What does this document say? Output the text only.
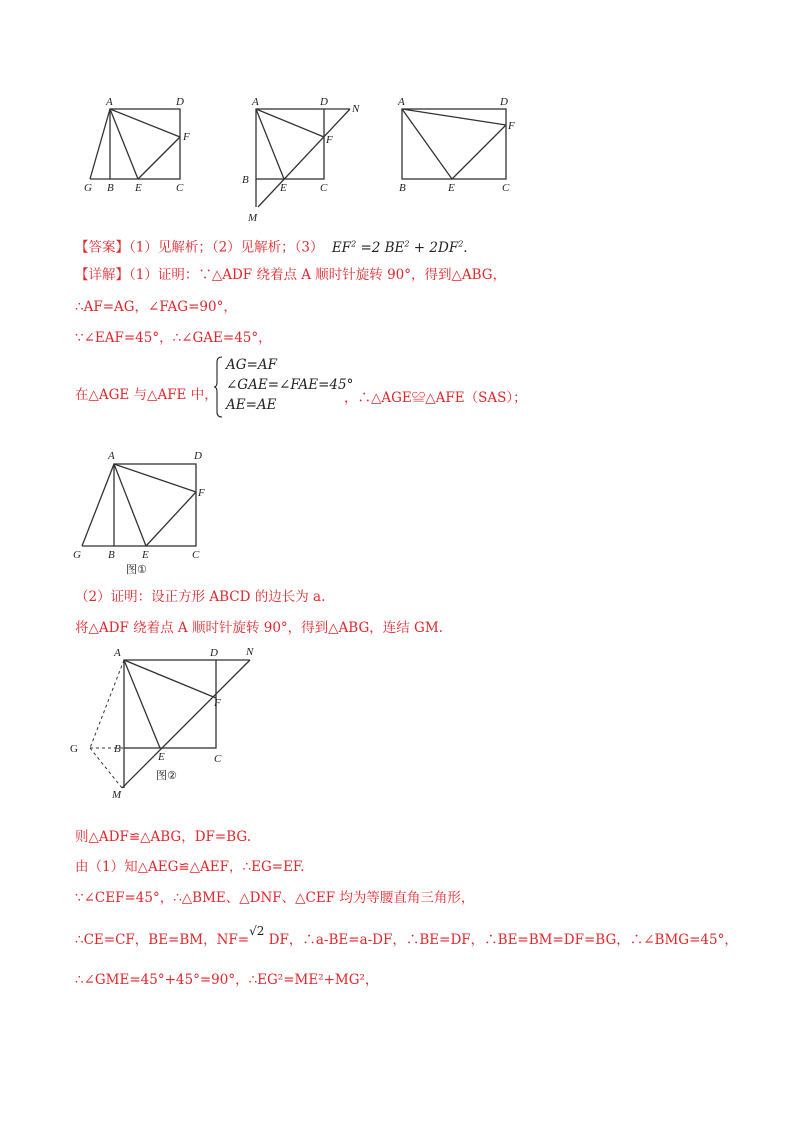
A	D
F
G B E	C
A	D
N
F
B
E	C
M
A	D
F
B	E	C
【答案】（1）见解析；（2）见解析；（3） $EF^2 =2$ $BE^2 + 2DF^2$.
【详解】（1）证明：∵△ADF 绕着点 A 顺时针旋转 90°，得到△ABG，
∴AF=AG，∠FAG=90°，
∵∠EAF=45°，∴∠GAE=45°，
在△AGE 与△AFE 中，
AG=AF
∠GAE=∠FAE=45°
AE=AE	，∴△AGE≌△AFE（SAS）；
A	D
F
G B E	C
图①
（2）证明：设正方形 ABCD 的边长为 a.
将△ADF 绕着点 A 顺时针旋转 90°，得到△ABG，连结 GM.
A	D	N
F
G	B
E	C
M
图②
则△ADF≌△ABG，DF=BG.
由（1）知△AEG≌△AEF，∴EG=EF.
∵∠CEF=45°，∴△BME、△DNF、△CEF 均为等腰直角三角形，
∴CE=CF，BE=BM，NF=√2 DF，∴a-BE=a-DF，∴BE=DF，∴BE=BM=DF=BG，∴∠BMG=45°，
∴∠GME=45°+45°=90°，∴EG²=ME²+MG²，
